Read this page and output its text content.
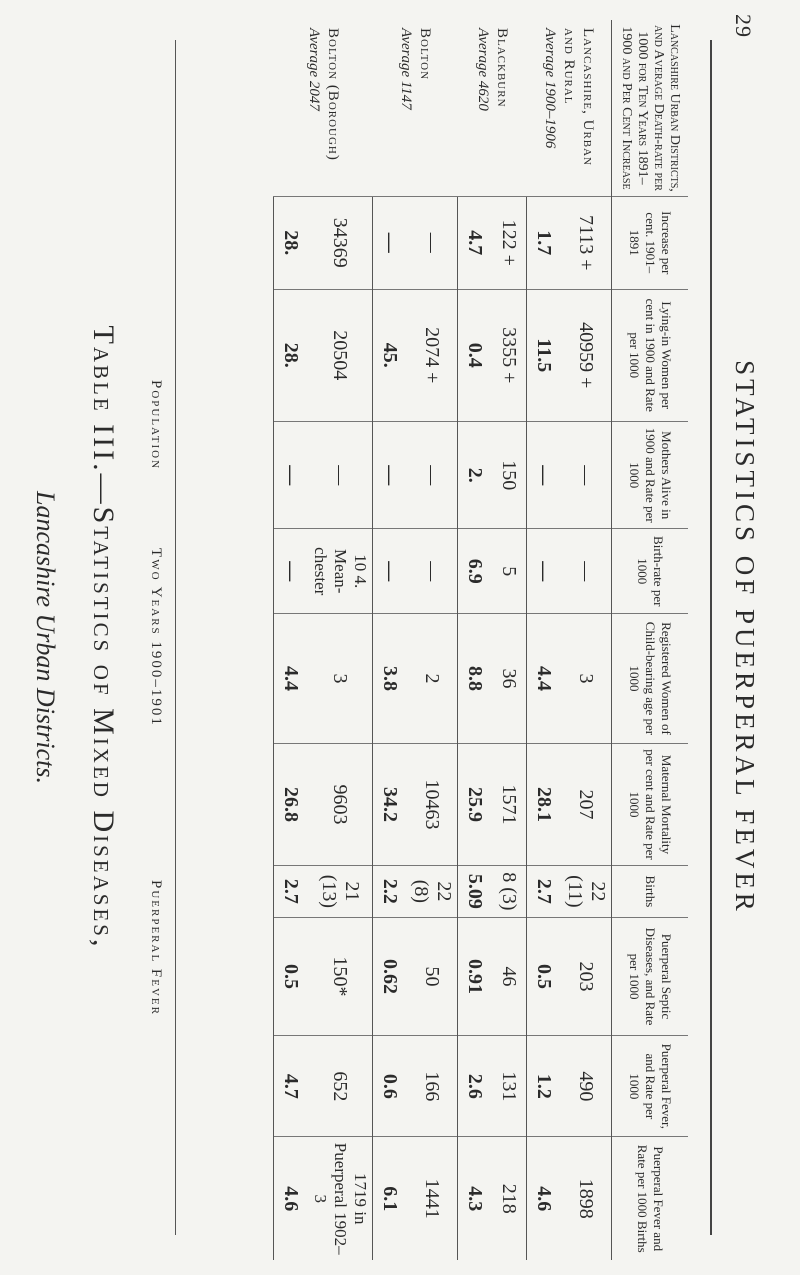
29
STATISTICS OF PUERPERAL FEVER
Lancashire Urban Districts, and Average Death-rate per 1000 for Ten Years 1891–1900 and Per Cent Increase	Increase per cent. 1901–1891	Lying-in Women per cent in 1900 and Rate per 1000	Mothers Alive in 1900 and Rate per 1000	Birth-rate per 1000	Registered Women of Child-bearing age per 1000	Maternal Mortality per cent and Rate per 1000	Births	Puerperal Septic Diseases, and Rate per 1000	Puerperal Fever, and Rate per 1000	Puerperal Fever and Rate per 1000 Births

Lancashire, Urban and Rural
Average 1900–1906	7113 +	40959 +	—	—	3	207	22 (11)	203	490	1898
	1.7	11.5	—	—	4.4	28.1	2.7	0.5	1.2	4.6

Blackburn
Average 4620	122 +	3355 +	150	5	36	1571	8 (3)	46	131	218
	4.7	0.4	2.	6.9	8.8	25.9	5.09	0.91	2.6	4.3

Bolton
Average 1147	—	2074 +	—	—	2	10463	22 (8)	50	166	1441
	—	45.	—	—	3.8	34.2	2.2	0.62	0.6	6.1

Bolton (Borough)
Average 2047	34369	20504	—	10 4. Mean-chester	3	9603	21 (13)	150*	652	1719 in Puerperal 1902–3
	28.	28.	—	—	4.4	26.8	2.7	0.5	4.7	4.6
Population
Two Years 1900–1901
Puerperal Fever
Table III.—Statistics of Mixed Diseases,
Lancashire Urban Districts.
